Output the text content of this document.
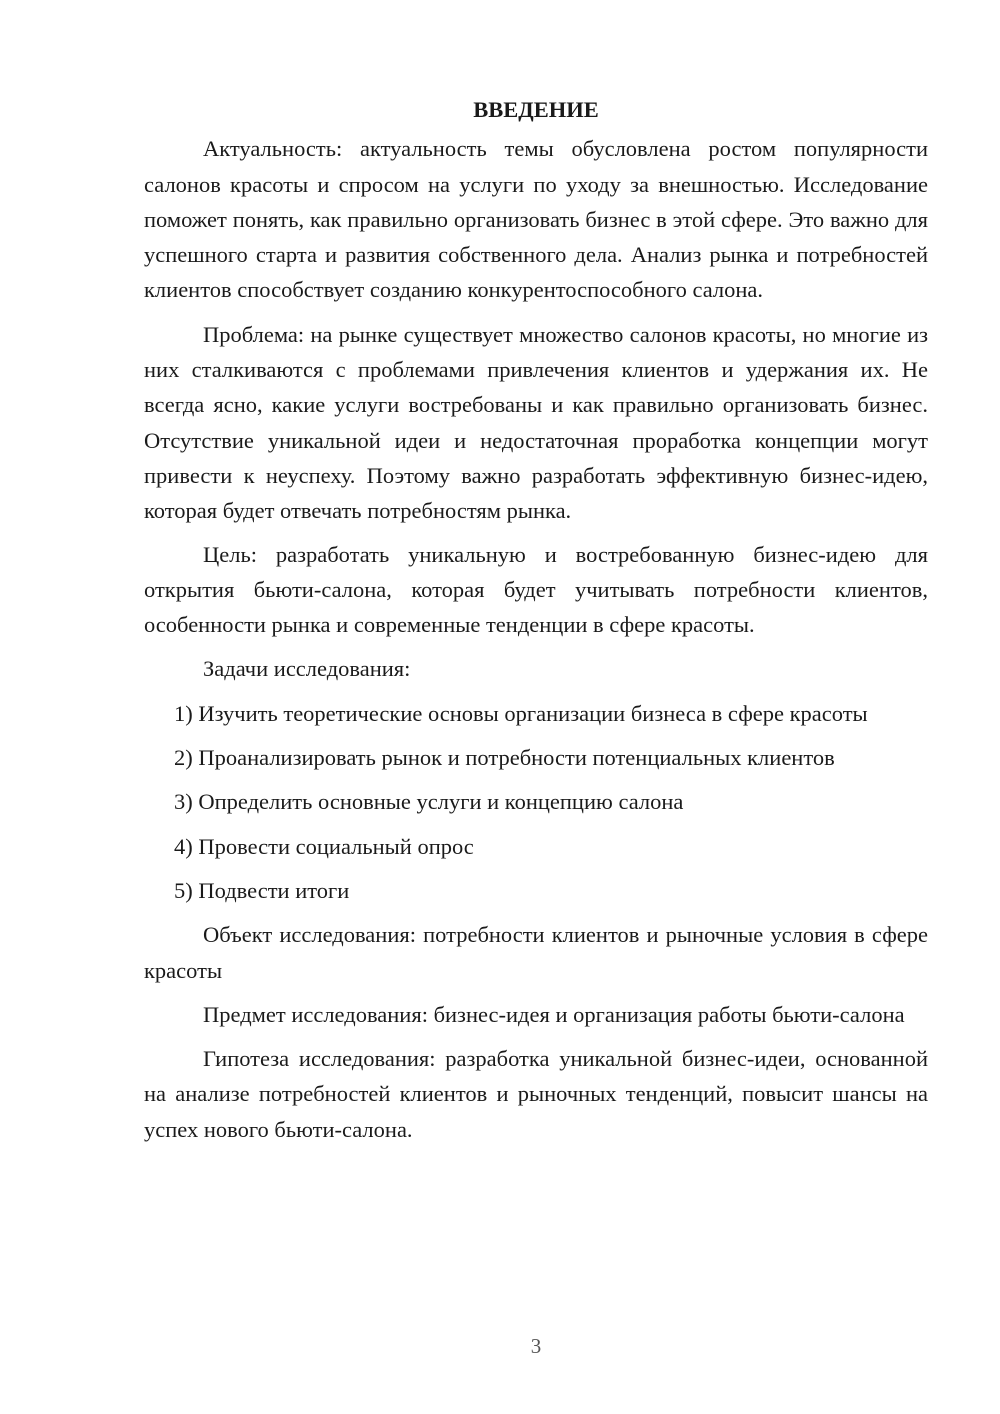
ВВЕДЕНИЕ

Актуальность: актуальность темы обусловлена ростом популярности салонов красоты и спросом на услуги по уходу за внешностью. Исследование поможет понять, как правильно организовать бизнес в этой сфере. Это важно для успешного старта и развития собственного дела. Анализ рынка и потребностей клиентов способствует созданию конкурентоспособного салона.

Проблема: на рынке существует множество салонов красоты, но многие из них сталкиваются с проблемами привлечения клиентов и удержания их. Не всегда ясно, какие услуги востребованы и как правильно организовать бизнес. Отсутствие уникальной идеи и недостаточная проработка концепции могут привести к неуспеху. Поэтому важно разработать эффективную бизнес-идею, которая будет отвечать потребностям рынка.

Цель: разработать уникальную и востребованную бизнес-идею для открытия бьюти-салона, которая будет учитывать потребности клиентов, особенности рынка и современные тенденции в сфере красоты.

Задачи исследования:

1) Изучить теоретические основы организации бизнеса в сфере красоты

2) Проанализировать рынок и потребности потенциальных клиентов

3) Определить основные услуги и концепцию салона

4) Провести социальный опрос

5) Подвести итоги

Объект исследования: потребности клиентов и рыночные условия в сфере красоты

Предмет исследования: бизнес-идея и организация работы бьюти-салона

Гипотеза исследования: разработка уникальной бизнес-идеи, основанной на анализе потребностей клиентов и рыночных тенденций, повысит шансы на успех нового бьюти-салона.

3
